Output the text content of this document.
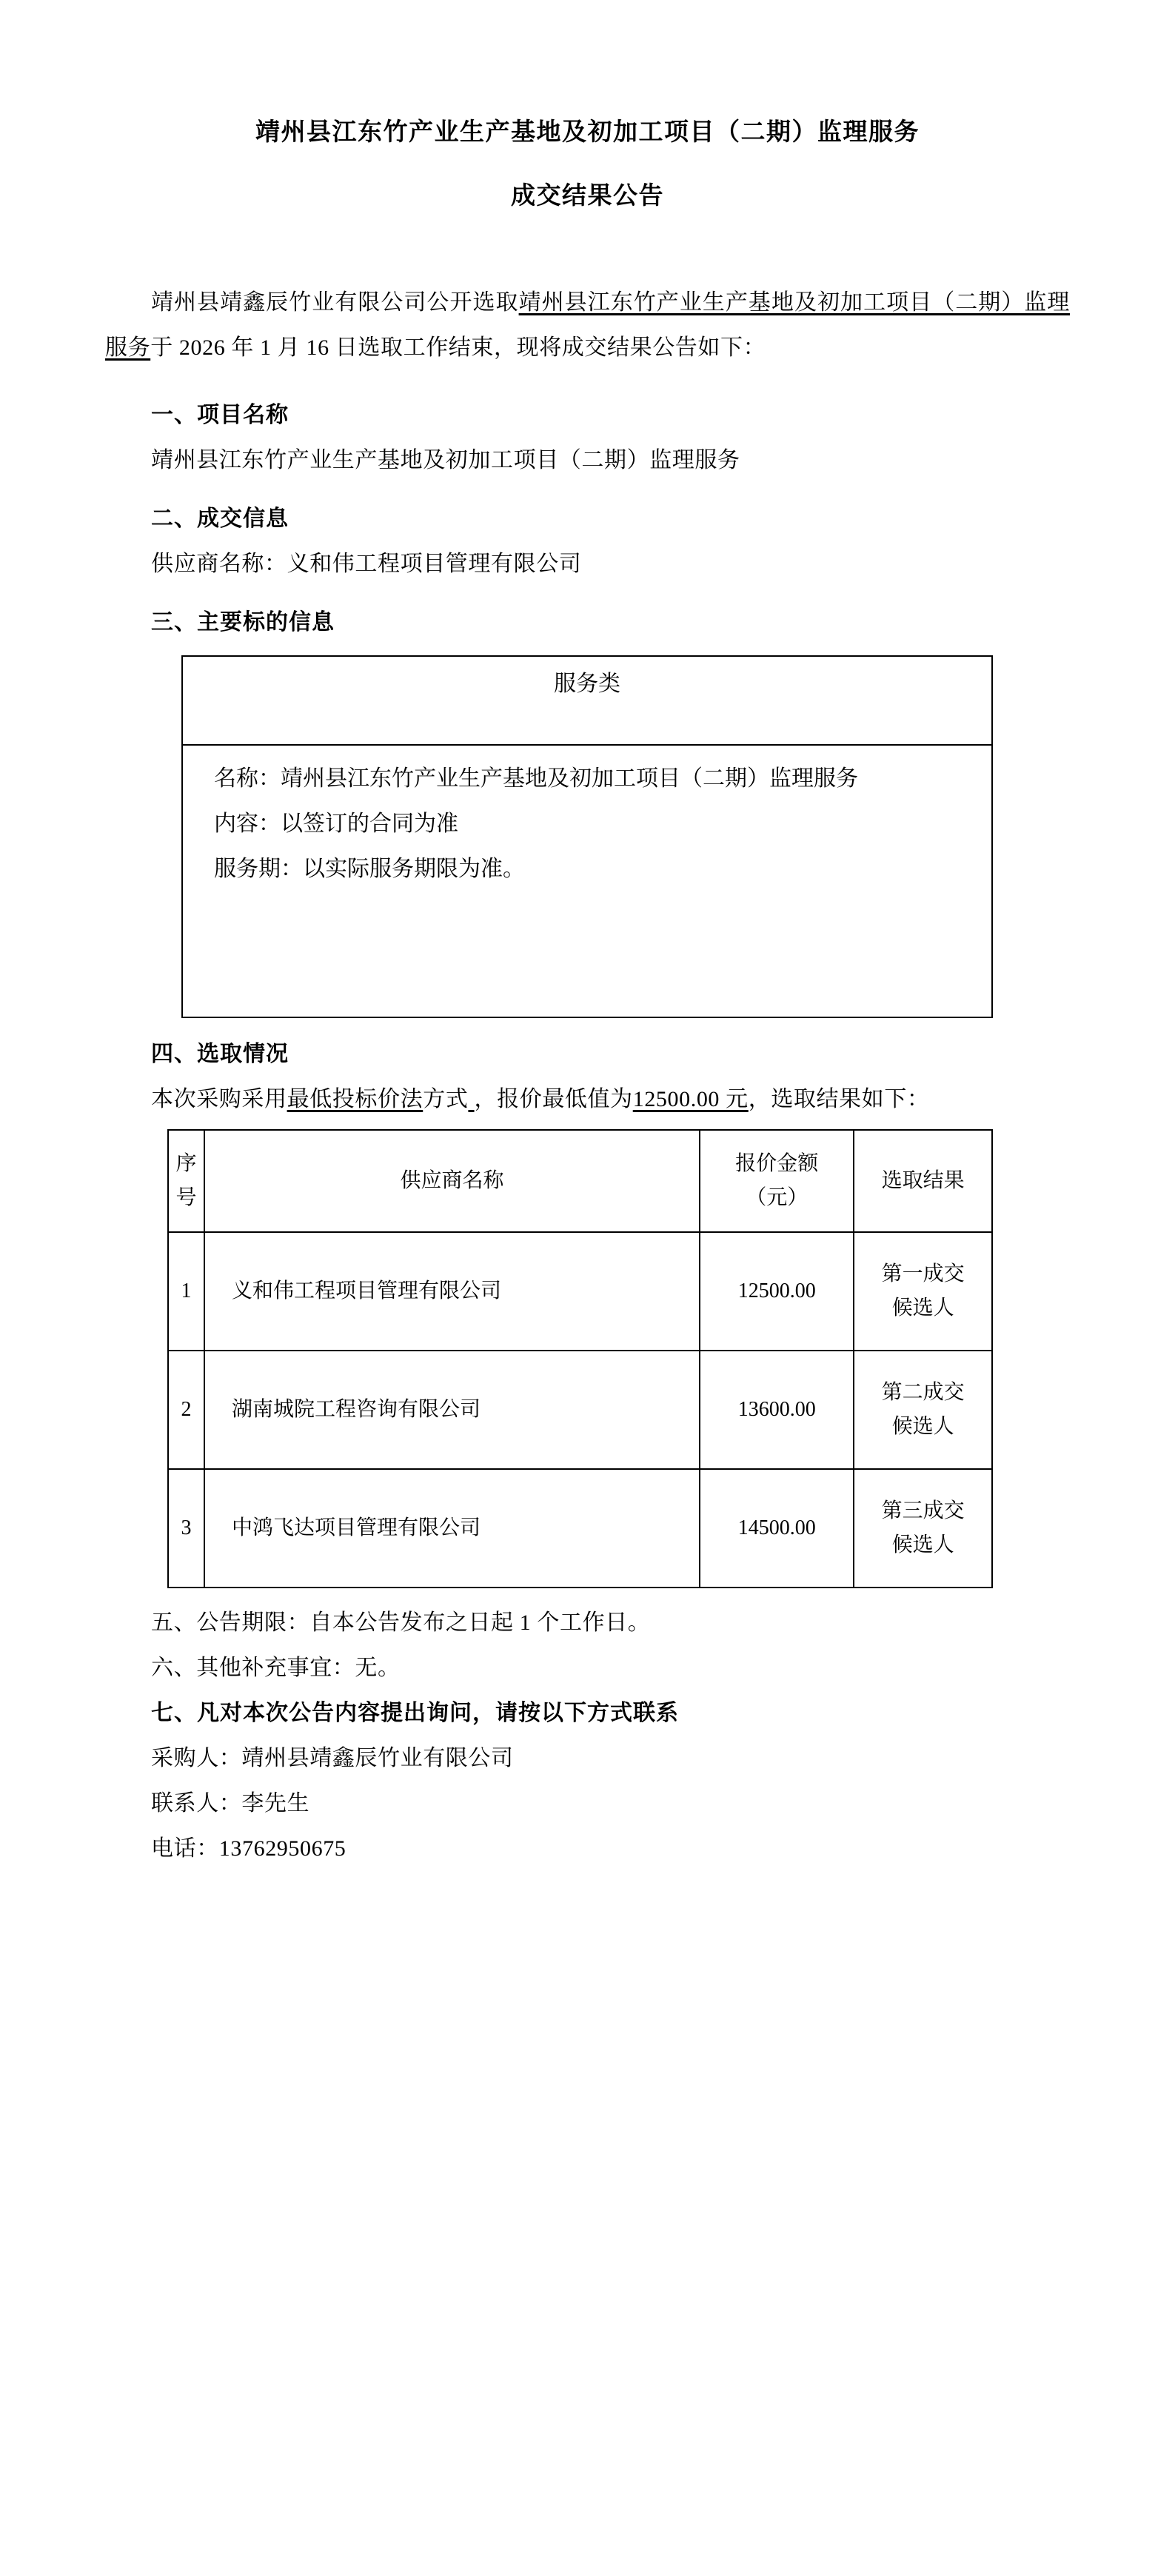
靖州县江东竹产业生产基地及初加工项目（二期）监理服务
成交结果公告

靖州县靖鑫辰竹业有限公司公开选取靖州县江东竹产业生产基地及初加工项目（二期）监理服务于 2026 年 1 月 16 日选取工作结束，现将成交结果公告如下：

一、项目名称
靖州县江东竹产业生产基地及初加工项目（二期）监理服务
二、成交信息
供应商名称：义和伟工程项目管理有限公司
三、主要标的信息
服务类

名称：靖州县江东竹产业生产基地及初加工项目（二期）监理服务
内容：以签订的合同为准
服务期：以实际服务期限为准。
四、选取情况
本次采购采用最低投标价法方式 ，报价最低值为12500.00 元，选取结果如下：
序
号
	供应商名称	
报价金额
（元）
	选取结果
1	义和伟工程项目管理有限公司	12500.00	第一成交
候选人

2	湖南城院工程咨询有限公司	13600.00	第二成交
候选人

3	中鸿飞达项目管理有限公司	14500.00	第三成交
候选人
五、公告期限：自本公告发布之日起 1 个工作日。
六、其他补充事宜：无。
七、凡对本次公告内容提出询问，请按以下方式联系
采购人：靖州县靖鑫辰竹业有限公司
联系人：李先生
电话：13762950675
